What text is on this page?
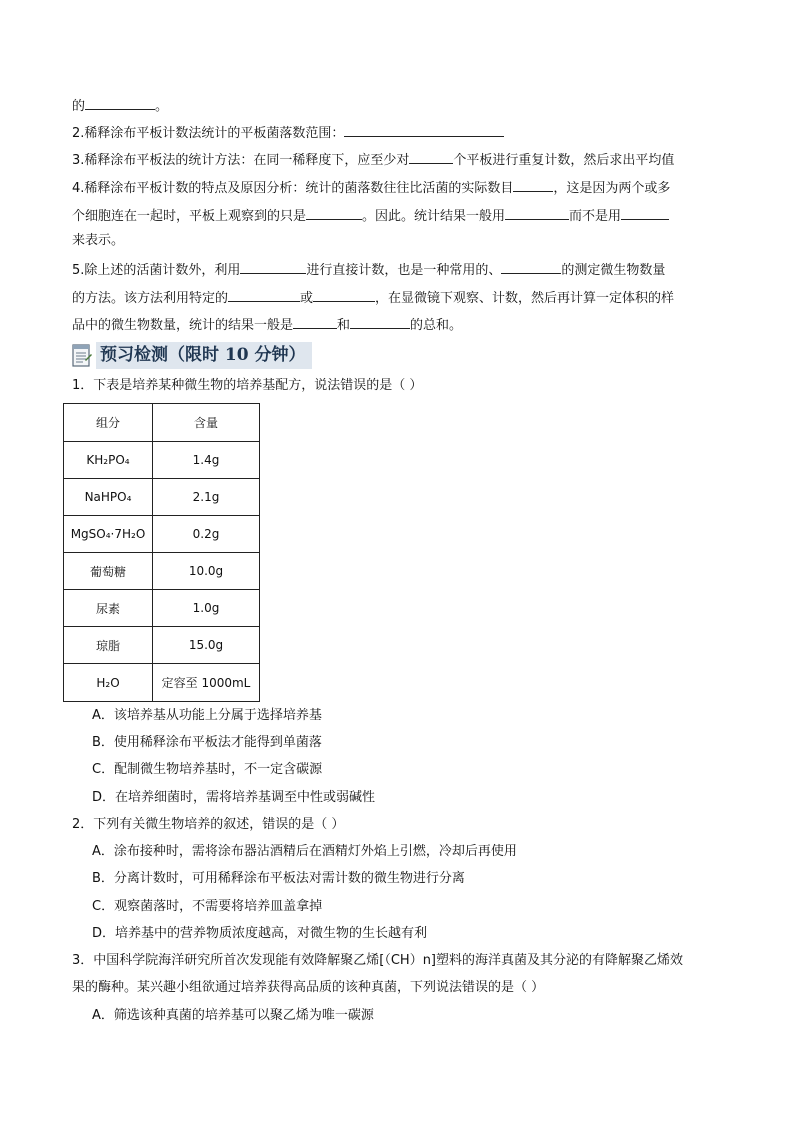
的	。
2.稀释涂布平板计数法统计的平板菌落数范围：
3.稀释涂布平板法的统计方法：在同一稀释度下，应至少对	个平板进行重复计数，然后求出平均值
4.稀释涂布平板计数的特点及原因分析：统计的菌落数往往比活菌的实际数目	，这是因为两个或多
个细胞连在一起时，平板上观察到的只是	。因此。统计结果一般用	而不是用
来表示。
5.除上述的活菌计数外，利用	进行直接计数，也是一种常用的、	的测定微生物数量
的方法。该方法利用特定的	或	，在显微镜下观察、计数，然后再计算一定体积的样
品中的微生物数量，统计的结果一般是	和	的总和。
预习检测（限时 10 分钟）
1．下表是培养某种微生物的培养基配方，说法错误的是（ ）
组分	含量
KH₂PO₄	1.4g
NaHPO₄	2.1g
MgSO₄·7H₂O	0.2g
葡萄糖	10.0g
尿素	1.0g
琼脂	15.0g
H₂O	定容至 1000mL
A．该培养基从功能上分属于选择培养基
B．使用稀释涂布平板法才能得到单菌落
C．配制微生物培养基时，不一定含碳源
D．在培养细菌时，需将培养基调至中性或弱碱性
2．下列有关微生物培养的叙述，错误的是（ ）
A．涂布接种时，需将涂布器沾酒精后在酒精灯外焰上引燃，冷却后再使用
B．分离计数时，可用稀释涂布平板法对需计数的微生物进行分离
C．观察菌落时，不需要将培养皿盖拿掉
D．培养基中的营养物质浓度越高，对微生物的生长越有利
3．中国科学院海洋研究所首次发现能有效降解聚乙烯[（CH）n]塑料的海洋真菌及其分泌的有降解聚乙烯效
果的酶种。某兴趣小组欲通过培养获得高品质的该种真菌，下列说法错误的是（ ）
A．筛选该种真菌的培养基可以聚乙烯为唯一碳源
